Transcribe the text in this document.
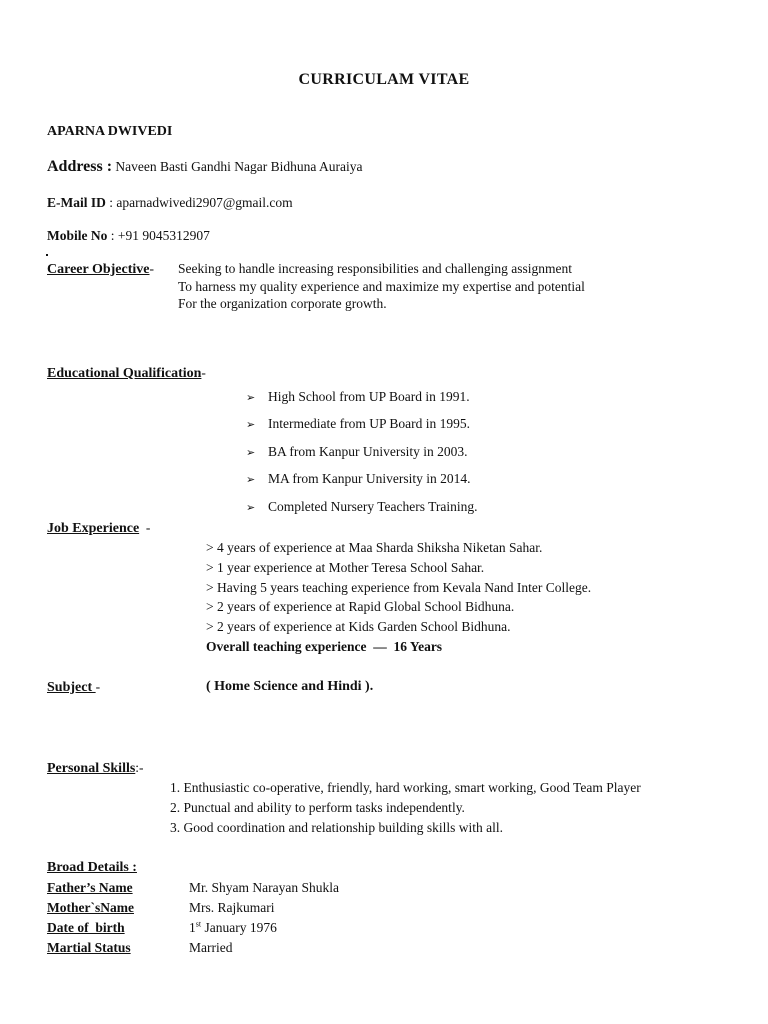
CURRICULAM VITAE
APARNA DWIVEDI
Address : Naveen Basti Gandhi Nagar Bidhuna Auraiya
E-Mail ID : aparnadwivedi2907@gmail.com
Mobile No : +91 9045312907
Career Objective- Seeking to handle increasing responsibilities and challenging assignment
To harness my quality experience and maximize my expertise and potential
For the organization corporate growth.
Educational Qualification-
➢ High School from UP Board in 1991.
➢ Intermediate from UP Board in 1995.
➢ BA from Kanpur University in 2003.
➢ MA from Kanpur University in 2014.
➢ Completed Nursery Teachers Training.
Job Experience  -
> 4 years of experience at Maa Sharda Shiksha Niketan Sahar.
> 1 year experience at Mother Teresa School Sahar.
> Having 5 years teaching experience from Kevala Nand Inter College.
> 2 years of experience at Rapid Global School Bidhuna.
> 2 years of experience at Kids Garden School Bidhuna.
Overall teaching experience  —  16 Years
Subject -	( Home Science and Hindi ).
Personal Skills:-
1. Enthusiastic co-operative, friendly, hard working, smart working, Good Team Player
2. Punctual and ability to perform tasks independently.
3. Good coordination and relationship building skills with all.
Broad Details :
Father’s Name	Mr. Shyam Narayan Shukla
Mother`sName	Mrs. Rajkumari
Date of  birth	1st January 1976
Martial Status	Married
